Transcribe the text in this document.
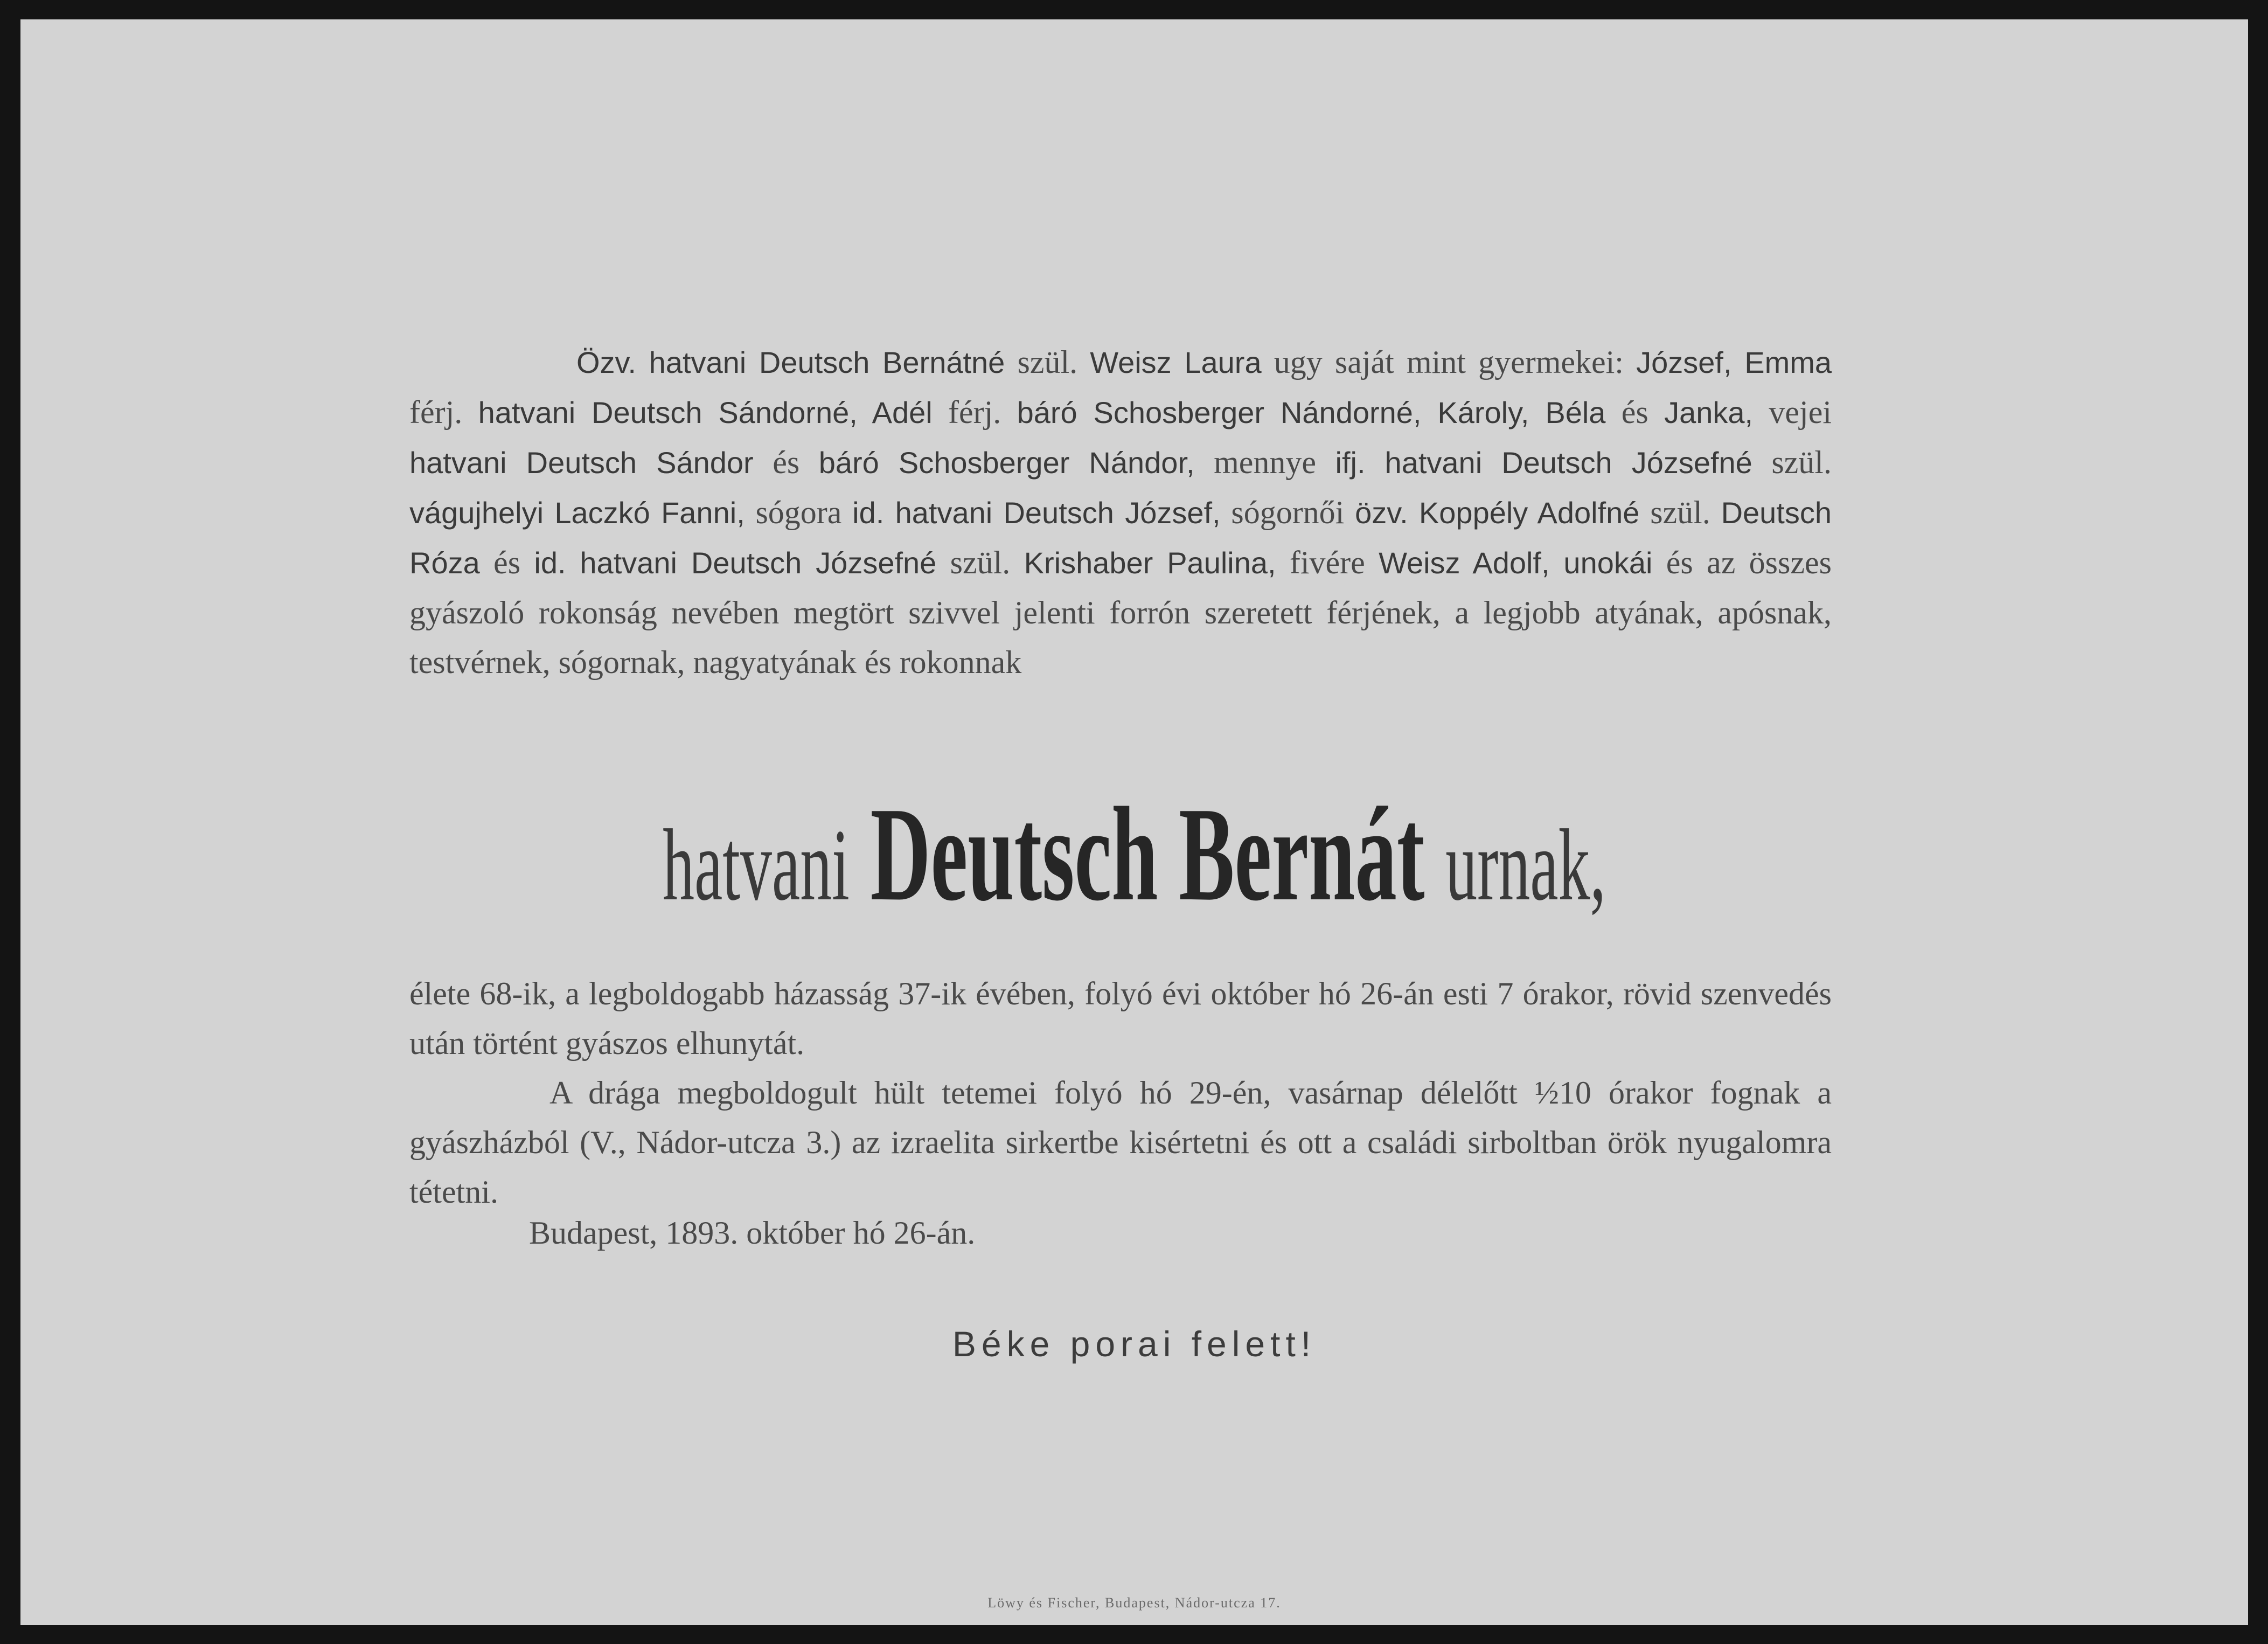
Özv. hatvani Deutsch Bernátné szül. Weisz Laura ugy saját mint gyermekei: József, Emma férj. hatvani Deutsch Sándorné, Adél férj. báró Schosberger Nándorné, Károly, Béla és Janka, vejei hatvani Deutsch Sándor és báró Schosberger Nándor, mennye ifj. hatvani Deutsch Józsefné szül. vágujhelyi Laczkó Fanni, sógora id. hatvani Deutsch József, sógornői özv. Koppély Adolfné szül. Deutsch Róza és id. hatvani Deutsch Józsefné szül. Krishaber Paulina, fivére Weisz Adolf, unokái és az összes gyászoló rokonság nevében megtört szivvel jelenti forrón szeretett férjének, a legjobb atyának, apósnak, testvérnek, sógornak, nagyatyának és rokonnak

hatvani Deutsch Bernát urnak,

élete 68-ik, a legboldogabb házasság 37-ik évében, folyó évi október hó 26-án esti 7 órakor, rövid szenvedés után történt gyászos elhunytát.

A drága megboldogult hült tetemei folyó hó 29-én, vasárnap délelőtt ½10 órakor fognak a gyászházból (V., Nádor-utcza 3.) az izraelita sirkertbe kisértetni és ott a családi sirboltban örök nyugalomra tétetni.

Budapest, 1893. október hó 26-án.

Béke porai felett!

Löwy és Fischer, Budapest, Nádor-utcza 17.
